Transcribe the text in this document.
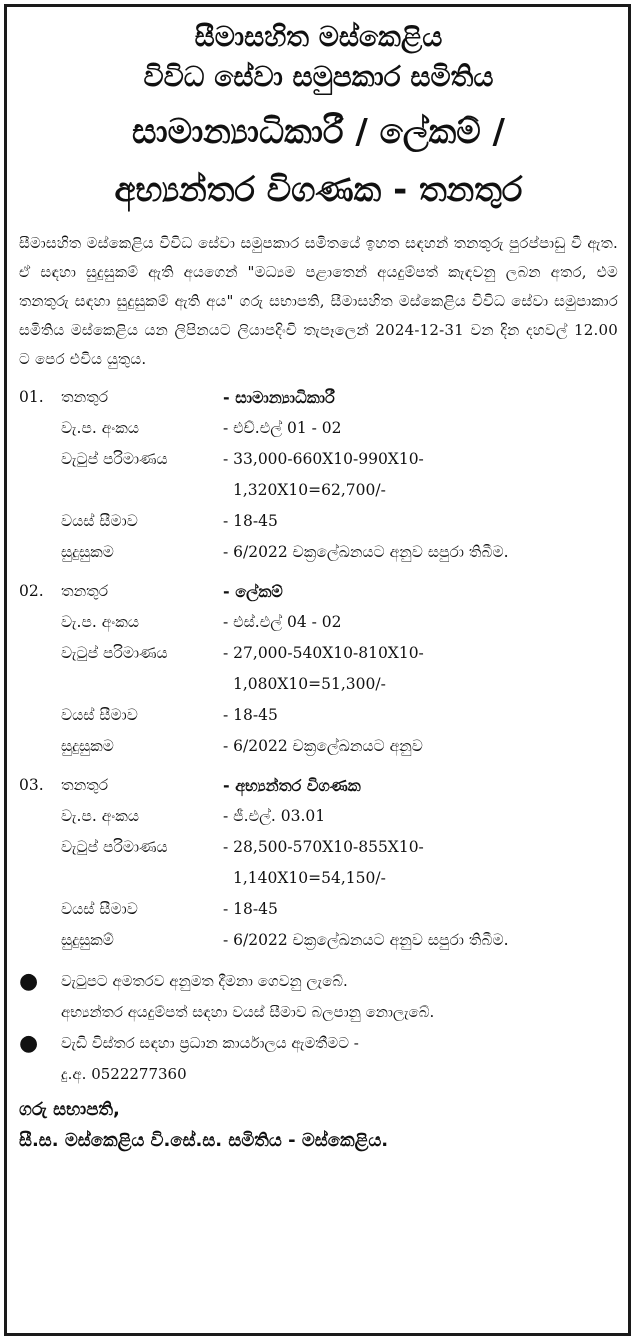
සීමාසහිත මස්කෙළිය
විවිධ සේවා සමුපකාර සමිතිය
සාමාන්‍යාධිකාරී / ලේකම් /
අභ්‍යන්තර විගණක - තනතුර
සීමාසහිත මස්කෙළිය විවිධ සේවා සමුපකාර සමිතයේ ඉහත සඳහන් තනතුරු පුරප්පාඩු වී ඇත. ඒ සඳහා සුදුසුකම් ඇති අයගෙන් "මධ්‍යම පළාතෙන් අයදුම්පත් කැඳවනු ලබන අතර, එම තනතුරු සඳහා සුදුසුකම් ඇති අය" ගරු සභාපති, සීමාසහිත මස්කෙළිය විවිධ සේවා සමුපාකාර සමිතිය මස්කෙළිය යන ලිපිනයට ලියාපදිංචි තැපෑලෙන් 2024-12-31 වන දින දහවල් 12.00 ට පෙර එවිය යුතුය.
01.	තනතුර	- සාමාන්‍යාධිකාරී
වැ.ප. අංකය	- එච්.එල් 01 - 02
වැටුප් පරිමාණය	- 33,000-660X10-990X10-
1,320X10=62,700/-
වයස් සීමාව	- 18-45
සුදුසුකම	- 6/2022 චක්‍රලේඛනයට අනුව සපුරා තිබීම.
02.	තනතුර	- ලේකම්
වැ.ප. අංකය	- එස්.එල් 04 - 02
වැටුප් පරිමාණය	- 27,000-540X10-810X10-
1,080X10=51,300/-
වයස් සීමාව	- 18-45
සුදුසුකම	- 6/2022 චක්‍රලේඛනයට අනුව
03.	තනතුර	- අභ්‍යන්තර විගණක
වැ.ප. අංකය	- ජී.එල්. 03.01
වැටුප් පරිමාණය	- 28,500-570X10-855X10-
1,140X10=54,150/-
වයස් සීමාව	- 18-45
සුදුසුකම්	- 6/2022 චක්‍රලේඛනයට අනුව සපුරා තිබීම.
●	වැටුපට අමතරව අනුමත දීමනා ගෙවනු ලැබේ.
අභ්‍යන්තර අයදුම්පත් සඳහා වයස් සීමාව බලපානු නොලැබේ.
●	වැඩි විස්තර සඳහා ප්‍රධාන කාර්යාලය ඇමතීමට -
දු.අ. 0522277360
ගරු සභාපති,
සී.ස. මස්කෙළිය වි.සේ.ස. සමිතිය - මස්කෙළිය.
